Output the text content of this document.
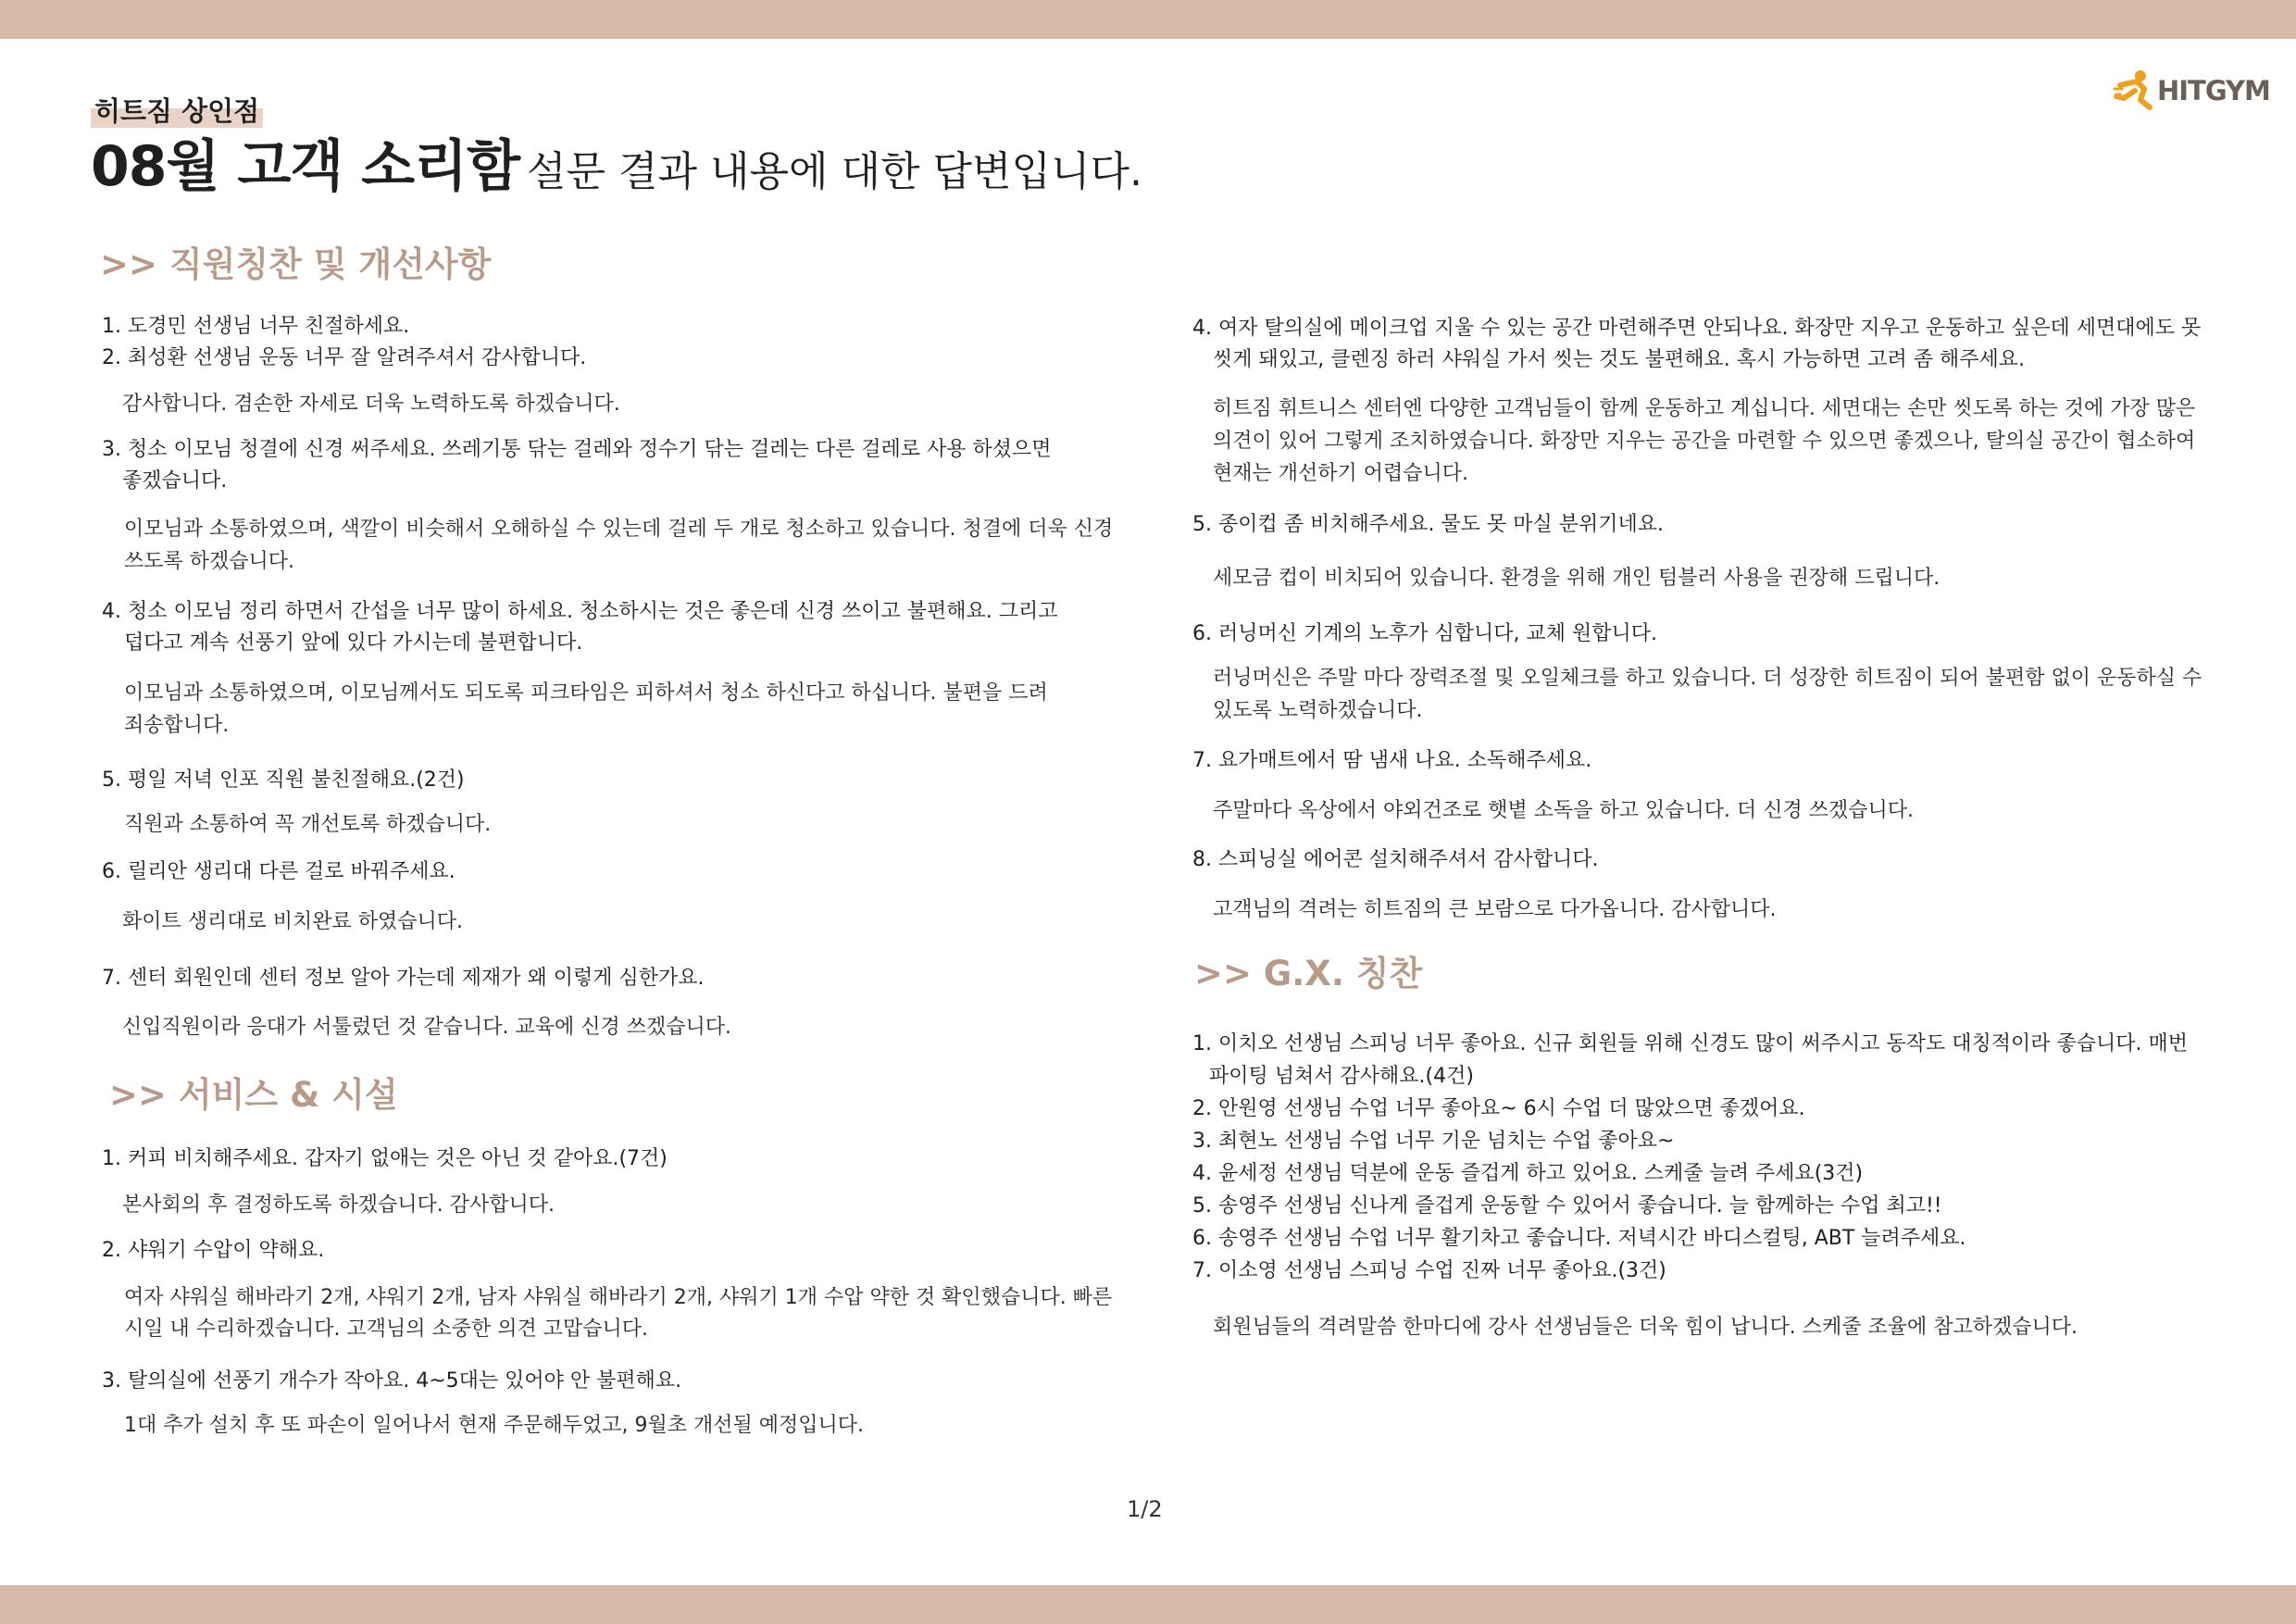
히트짐 상인점
08월 고객 소리함 설문 결과 내용에 대한 답변입니다.
HITGYM
>> 직원칭찬 및 개선사항
1. 도경민 선생님 너무 친절하세요.
2. 최성환 선생님 운동 너무 잘 알려주셔서 감사합니다.
감사합니다. 겸손한 자세로 더욱 노력하도록 하겠습니다.
3. 청소 이모님 청결에 신경 써주세요. 쓰레기통 닦는 걸레와 정수기 닦는 걸레는 다른 걸레로 사용 하셨으면
좋겠습니다.
이모님과 소통하였으며, 색깔이 비슷해서 오해하실 수 있는데 걸레 두 개로 청소하고 있습니다. 청결에 더욱 신경
쓰도록 하겠습니다.
4. 청소 이모님 정리 하면서 간섭을 너무 많이 하세요. 청소하시는 것은 좋은데 신경 쓰이고 불편해요. 그리고
덥다고 계속 선풍기 앞에 있다 가시는데 불편합니다.
이모님과 소통하였으며, 이모님께서도 되도록 피크타임은 피하셔서 청소 하신다고 하십니다. 불편을 드려
죄송합니다.
5. 평일 저녁 인포 직원 불친절해요.(2건)
직원과 소통하여 꼭 개선토록 하겠습니다.
6. 릴리안 생리대 다른 걸로 바꿔주세요.
화이트 생리대로 비치완료 하였습니다.
7. 센터 회원인데 센터 정보 알아 가는데 제재가 왜 이렇게 심한가요.
신입직원이라 응대가 서툴렀던 것 같습니다. 교육에 신경 쓰겠습니다.
>> 서비스 & 시설
1. 커피 비치해주세요. 갑자기 없애는 것은 아닌 것 같아요.(7건)
본사회의 후 결정하도록 하겠습니다. 감사합니다.
2. 샤워기 수압이 약해요.
여자 샤워실 해바라기 2개, 샤워기 2개, 남자 샤워실 해바라기 2개, 샤워기 1개 수압 약한 것 확인했습니다. 빠른
시일 내 수리하겠습니다. 고객님의 소중한 의견 고맙습니다.
3. 탈의실에 선풍기 개수가 작아요. 4~5대는 있어야 안 불편해요.
1대 추가 설치 후 또 파손이 일어나서 현재 주문해두었고, 9월초 개선될 예정입니다.
4. 여자 탈의실에 메이크업 지울 수 있는 공간 마련해주면 안되나요. 화장만 지우고 운동하고 싶은데 세면대에도 못
씻게 돼있고, 클렌징 하러 샤워실 가서 씻는 것도 불편해요. 혹시 가능하면 고려 좀 해주세요.
히트짐 휘트니스 센터엔 다양한 고객님들이 함께 운동하고 계십니다. 세면대는 손만 씻도록 하는 것에 가장 많은
의견이 있어 그렇게 조치하였습니다. 화장만 지우는 공간을 마련할 수 있으면 좋겠으나, 탈의실 공간이 협소하여
현재는 개선하기 어렵습니다.
5. 종이컵 좀 비치해주세요. 물도 못 마실 분위기네요.
세모금 컵이 비치되어 있습니다. 환경을 위해 개인 텀블러 사용을 권장해 드립니다.
6. 러닝머신 기계의 노후가 심합니다, 교체 원합니다.
러닝머신은 주말 마다 장력조절 및 오일체크를 하고 있습니다. 더 성장한 히트짐이 되어 불편함 없이 운동하실 수
있도록 노력하겠습니다.
7. 요가매트에서 땀 냄새 나요. 소독해주세요.
주말마다 옥상에서 야외건조로 햇볕 소독을 하고 있습니다. 더 신경 쓰겠습니다.
8. 스피닝실 에어콘 설치해주셔서 감사합니다.
고객님의 격려는 히트짐의 큰 보람으로 다가옵니다. 감사합니다.
>> G.X. 칭찬
1. 이치오 선생님 스피닝 너무 좋아요. 신규 회원들 위해 신경도 많이 써주시고 동작도 대칭적이라 좋습니다. 매번
파이팅 넘쳐서 감사해요.(4건)
2. 안원영 선생님 수업 너무 좋아요~ 6시 수업 더 많았으면 좋겠어요.
3. 최현노 선생님 수업 너무 기운 넘치는 수업 좋아요~
4. 윤세정 선생님 덕분에 운동 즐겁게 하고 있어요. 스케줄 늘려 주세요(3건)
5. 송영주 선생님 신나게 즐겁게 운동할 수 있어서 좋습니다. 늘 함께하는 수업 최고!!
6. 송영주 선생님 수업 너무 활기차고 좋습니다. 저녁시간 바디스컬팅, ABT 늘려주세요.
7. 이소영 선생님 스피닝 수업 진짜 너무 좋아요.(3건)
회원님들의 격려말씀 한마디에 강사 선생님들은 더욱 힘이 납니다. 스케줄 조율에 참고하겠습니다.
1/2
